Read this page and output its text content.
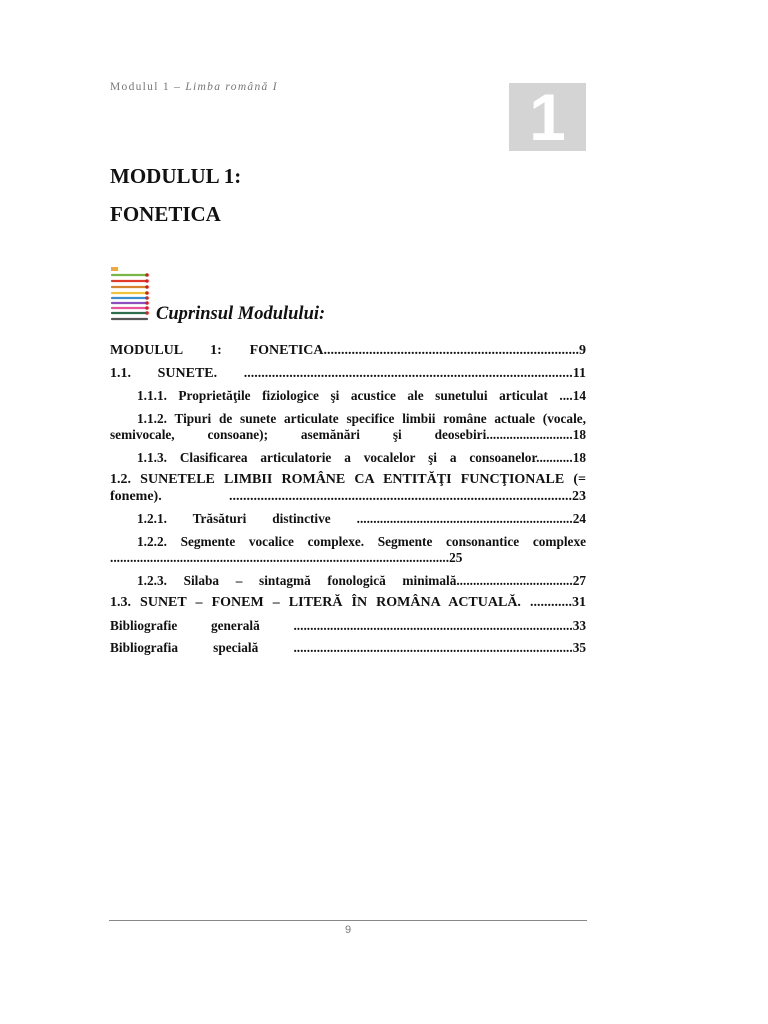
Modulul 1 – Limba română I	1
MODULUL 1:
FONETICA
Cuprinsul Modulului:
MODULUL 1: FONETICA.........................................................................9
1.1. SUNETE. ..............................................................................................11
1.1.1. Proprietăţile fiziologice şi acustice ale sunetului articulat ....14
1.1.2. Tipuri de sunete articulate specifice limbii române actuale (vocale, semivocale, consoane); asemănări şi deosebiri..........................18
1.1.3. Clasificarea articulatorie a vocalelor şi a consoanelor...........18
1.2. SUNETELE LIMBII ROMÂNE CA ENTITĂŢI FUNCŢIONALE (= foneme). ..................................................................................................23
1.2.1. Trăsături distinctive .................................................................24
1.2.2. Segmente vocalice complexe. Segmente consonantice complexe ......................................................................................................25
1.2.3. Silaba – sintagmă fonologică minimală...................................27
1.3. SUNET – FONEM – LITERĂ ÎN ROMÂNA ACTUALĂ. ............31
Bibliografie generală ....................................................................................33
Bibliografia specială ....................................................................................35
9
